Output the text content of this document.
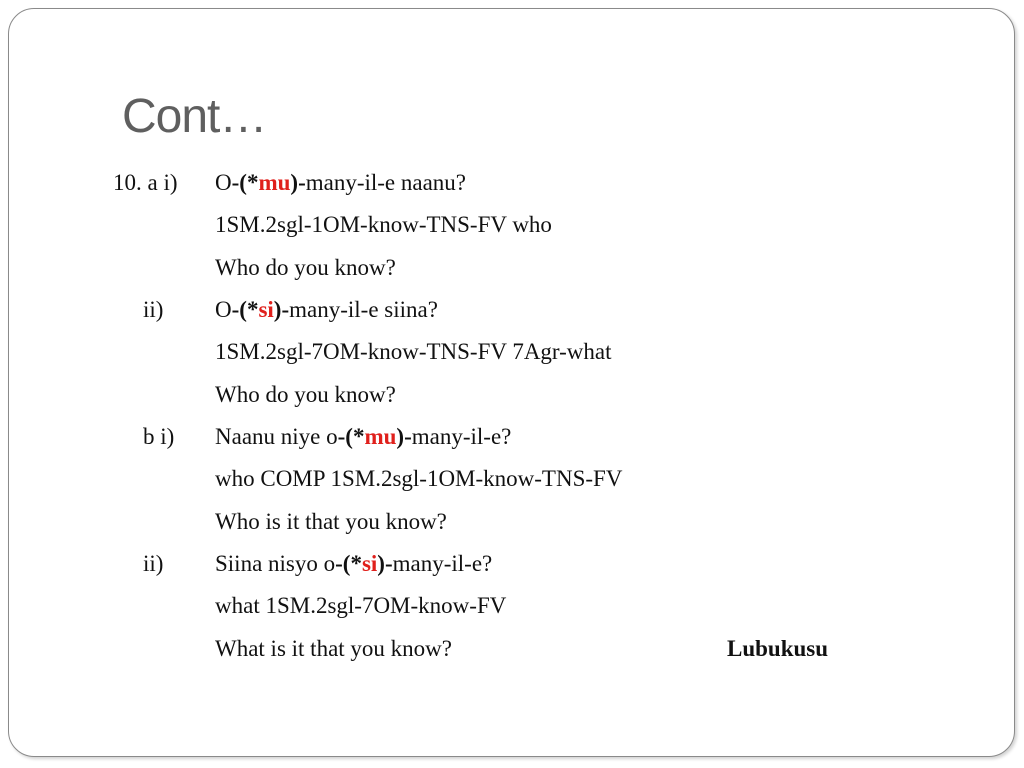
Cont…
10. a i) O-(*mu)-many-il-e naanu?
1SM.2sgl-1OM-know-TNS-FV who
Who do you know?
ii) O-(*si)-many-il-e siina?
1SM.2sgl-7OM-know-TNS-FV 7Agr-what
Who do you know?
b i) Naanu niye o-(*mu)-many-il-e?
who COMP 1SM.2sgl-1OM-know-TNS-FV
Who is it that you know?
ii) Siina nisyo o-(*si)-many-il-e?
what 1SM.2sgl-7OM-know-FV
What is it that you know?	Lubukusu
